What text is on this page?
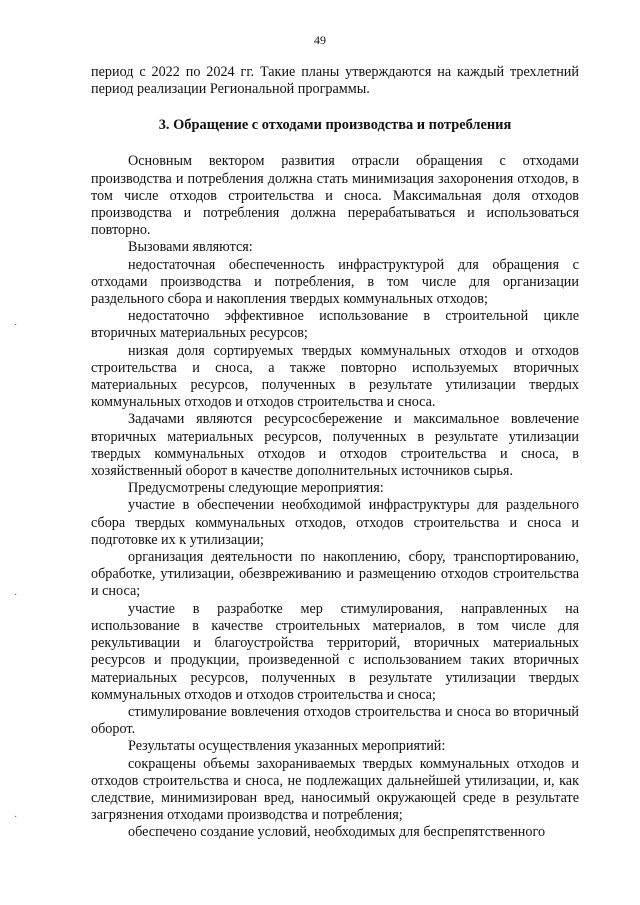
49
·
·
·

период с 2022 по 2024 гг. Такие планы утверждаются на каждый трехлетний период реализации Региональной программы.

3. Обращение с отходами производства и потребления

Основным вектором развития отрасли обращения с отходами производства и потребления должна стать минимизация захоронения отходов, в том числе отходов строительства и сноса. Максимальная доля отходов производства и потребления должна перерабатываться и использоваться повторно.

Вызовами являются:

недостаточная обеспеченность инфраструктурой для обращения с отходами производства и потребления, в том числе для организации раздельного сбора и накопления твердых коммунальных отходов;

недостаточно эффективное использование в строительной цикле вторичных материальных ресурсов;

низкая доля сортируемых твердых коммунальных отходов и отходов строительства и сноса, а также повторно используемых вторичных материальных ресурсов, полученных в результате утилизации твердых коммунальных отходов и отходов строительства и сноса.

Задачами являются ресурсосбережение и максимальное вовлечение вторичных материальных ресурсов, полученных в результате утилизации твердых коммунальных отходов и отходов строительства и сноса, в хозяйственный оборот в качестве дополнительных источников сырья.

Предусмотрены следующие мероприятия:

участие в обеспечении необходимой инфраструктуры для раздельного сбора твердых коммунальных отходов, отходов строительства и сноса и подготовке их к утилизации;

организация деятельности по накоплению, сбору, транспортированию, обработке, утилизации, обезвреживанию и размещению отходов строительства и сноса;

участие в разработке мер стимулирования, направленных на использование в качестве строительных материалов, в том числе для рекультивации и благоустройства территорий, вторичных материальных ресурсов и продукции, произведенной с использованием таких вторичных материальных ресурсов, полученных в результате утилизации твердых коммунальных отходов и отходов строительства и сноса;

стимулирование вовлечения отходов строительства и сноса во вторичный оборот.

Результаты осуществления указанных мероприятий:

сокращены объемы захораниваемых твердых коммунальных отходов и отходов строительства и сноса, не подлежащих дальнейшей утилизации, и, как следствие, минимизирован вред, наносимый окружающей среде в результате загрязнения отходами производства и потребления;

обеспечено создание условий, необходимых для беспрепятственного
